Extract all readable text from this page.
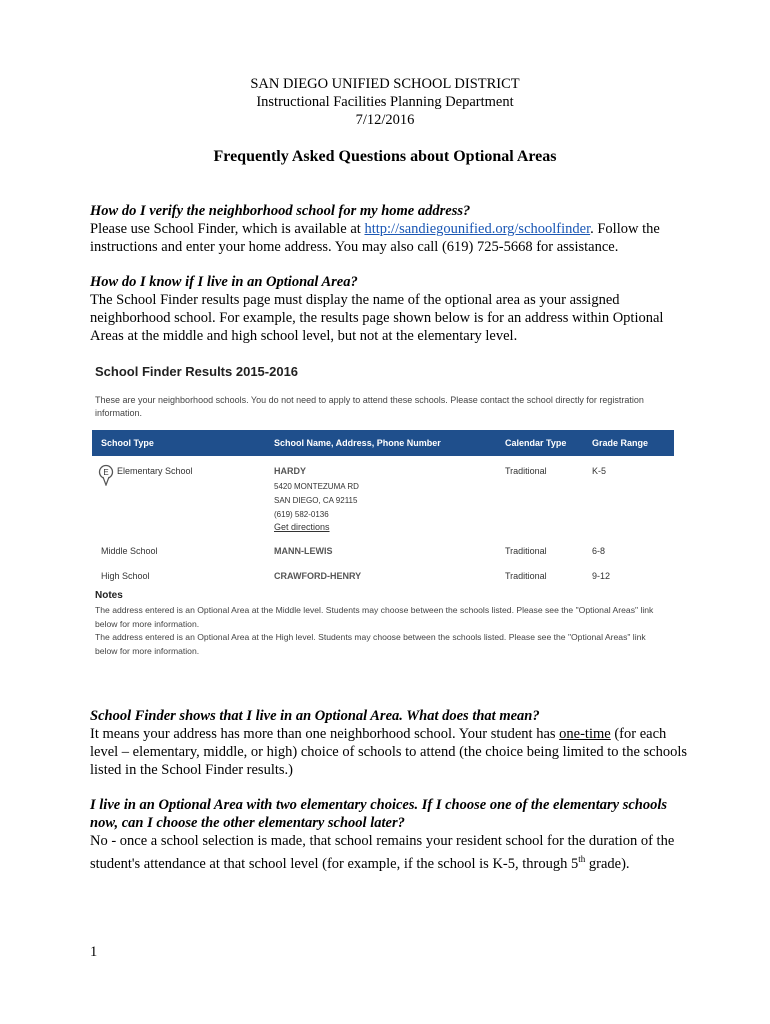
SAN DIEGO UNIFIED SCHOOL DISTRICT
Instructional Facilities Planning Department
7/12/2016
Frequently Asked Questions about Optional Areas
How do I verify the neighborhood school for my home address?
Please use School Finder, which is available at http://sandiegounified.org/schoolfinder. Follow the instructions and enter your home address. You may also call (619) 725-5668 for assistance.
How do I know if I live in an Optional Area?
The School Finder results page must display the name of the optional area as your assigned neighborhood school. For example, the results page shown below is for an address within Optional Areas at the middle and high school level, but not at the elementary level.
School Finder Results 2015-2016
These are your neighborhood schools. You do not need to apply to attend these schools. Please contact the school directly for registration information.
School Type	School Name, Address, Phone Number	Calendar Type	Grade Range
E Elementary School	HARDY	Traditional	K-5
5420 MONTEZUMA RD
SAN DIEGO, CA 92115
(619) 582-0136
Get directions
Middle School	MANN-LEWIS	Traditional	6-8
High School	CRAWFORD-HENRY	Traditional	9-12
Notes
The address entered is an Optional Area at the Middle level. Students may choose between the schools listed. Please see the "Optional Areas" link below for more information.
The address entered is an Optional Area at the High level. Students may choose between the schools listed. Please see the "Optional Areas" link below for more information.
School Finder shows that I live in an Optional Area. What does that mean?
It means your address has more than one neighborhood school. Your student has one-time (for each level – elementary, middle, or high) choice of schools to attend (the choice being limited to the schools listed in the School Finder results.)
I live in an Optional Area with two elementary choices. If I choose one of the elementary schools now, can I choose the other elementary school later?
No - once a school selection is made, that school remains your resident school for the duration of the student's attendance at that school level (for example, if the school is K-5, through 5th grade).
1
